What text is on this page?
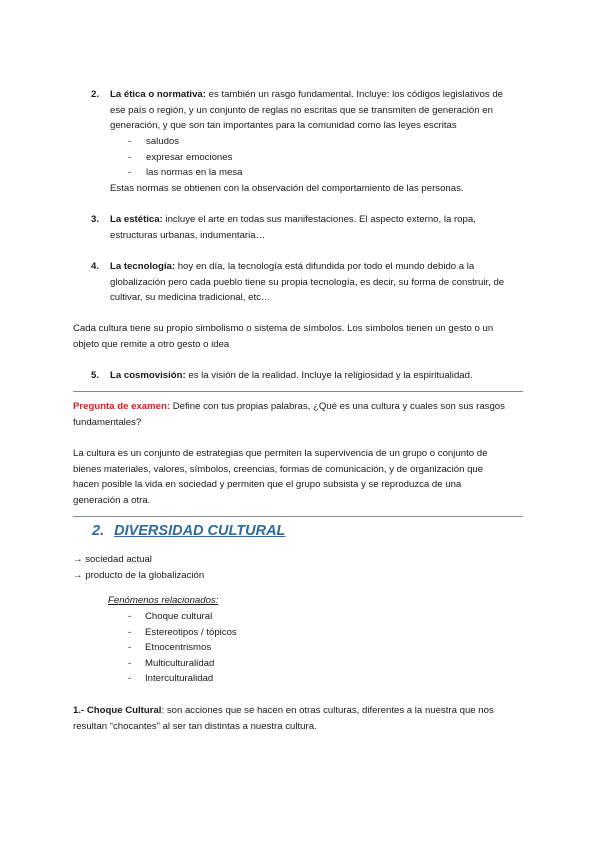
2. La ética o normativa: es también un rasgo fundamental. Incluye: los códigos legislativos de
ese país o región, y un conjunto de reglas no escritas que se transmiten de generación en
generación, y que son tan importantes para la comunidad como las leyes escritas
- saludos
- expresar emociones
- las normas en la mesa
Estas normas se obtienen con la observación del comportamiento de las personas.
3. La estética: incluye el arte en todas sus manifestaciones. El aspecto externo, la ropa,
estructuras urbanas, indumentaria…
4. La tecnología: hoy en día, la tecnología está difundida por todo el mundo debido a la
globalización pero cada pueblo tiene su propia tecnología, es decir, su forma de construir, de
cultivar, su medicina tradicional, etc…
Cada cultura tiene su propio simbolismo o sistema de símbolos. Los símbolos tienen un gesto o un
objeto que remite a otro gesto o idea
5. La cosmovisión: es la visión de la realidad. Incluye la religiosidad y la espiritualidad.
Pregunta de examen: Define con tus propias palabras, ¿Qué es una cultura y cuales son sus rasgos
fundamentales?
La cultura es un conjunto de estrategias que permiten la supervivencia de un grupo o conjunto de
bienes materiales, valores, símbolos, creencias, formas de comunicación, y de organización que
hacen posible la vida en sociedad y permiten que el grupo subsista y se reproduzca de una
generación a otra.
2. DIVERSIDAD CULTURAL
→ sociedad actual
→ producto de la globalización
Fenómenos relacionados:
- Choque cultural
- Estereotipos / tópicos
- Etnocentrismos
- Multiculturalidad
- Interculturalidad
1.- Choque Cultural: son acciones que se hacen en otras culturas, diferentes a la nuestra que nos
resultan “chocantes” al ser tan distintas a nuestra cultura.
